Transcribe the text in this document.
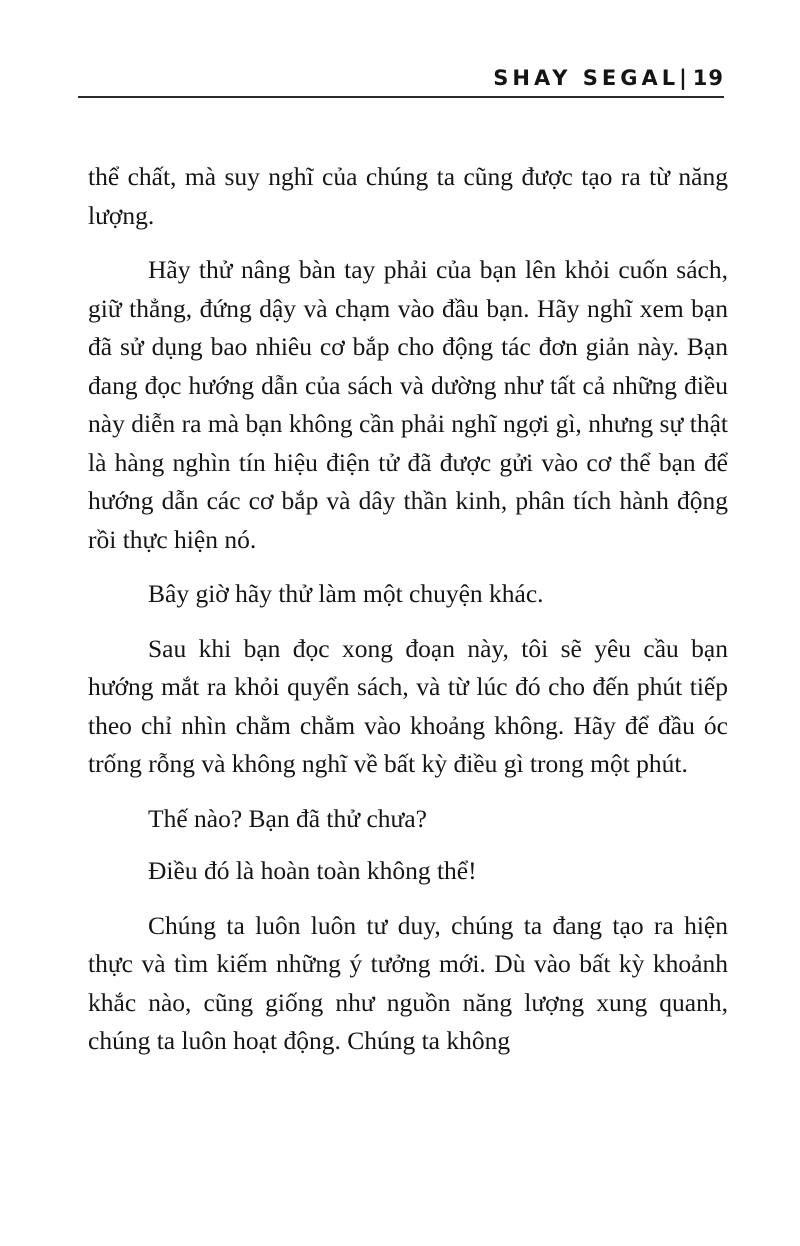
SHAY SEGAL| 19

thể chất, mà suy nghĩ của chúng ta cũng được tạo ra từ năng lượng.

Hãy thử nâng bàn tay phải của bạn lên khỏi cuốn sách, giữ thẳng, đứng dậy và chạm vào đầu bạn. Hãy nghĩ xem bạn đã sử dụng bao nhiêu cơ bắp cho động tác đơn giản này. Bạn đang đọc hướng dẫn của sách và dường như tất cả những điều này diễn ra mà bạn không cần phải nghĩ ngợi gì, nhưng sự thật là hàng nghìn tín hiệu điện tử đã được gửi vào cơ thể bạn để hướng dẫn các cơ bắp và dây thần kinh, phân tích hành động rồi thực hiện nó.

Bây giờ hãy thử làm một chuyện khác.

Sau khi bạn đọc xong đoạn này, tôi sẽ yêu cầu bạn hướng mắt ra khỏi quyển sách, và từ lúc đó cho đến phút tiếp theo chỉ nhìn chằm chằm vào khoảng không. Hãy để đầu óc trống rỗng và không nghĩ về bất kỳ điều gì trong một phút.

Thế nào? Bạn đã thử chưa?

Điều đó là hoàn toàn không thể!

Chúng ta luôn luôn tư duy, chúng ta đang tạo ra hiện thực và tìm kiếm những ý tưởng mới. Dù vào bất kỳ khoảnh khắc nào, cũng giống như nguồn năng lượng xung quanh, chúng ta luôn hoạt động. Chúng ta không
